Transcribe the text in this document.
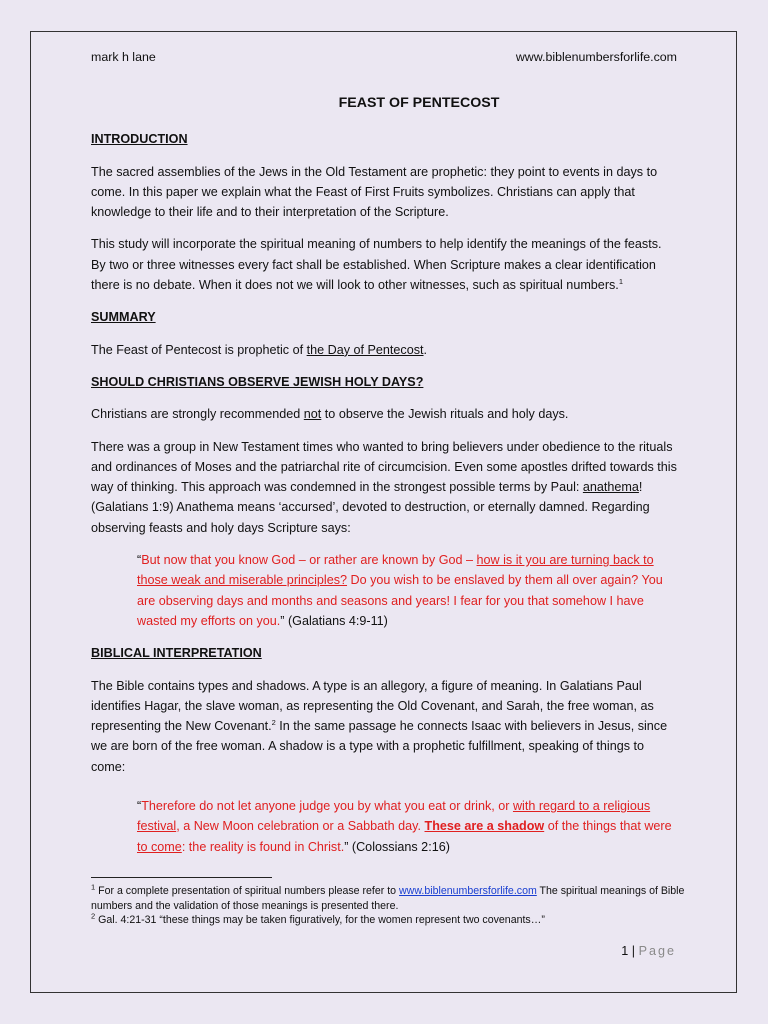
mark h lane	www.biblenumbersforlife.com
FEAST OF PENTECOST
INTRODUCTION

The sacred assemblies of the Jews in the Old Testament are prophetic: they point to events in days to come. In this paper we explain what the Feast of First Fruits symbolizes. Christians can apply that knowledge to their life and to their interpretation of the Scripture.

This study will incorporate the spiritual meaning of numbers to help identify the meanings of the feasts. By two or three witnesses every fact shall be established. When Scripture makes a clear identification there is no debate. When it does not we will look to other witnesses, such as spiritual numbers.$^1$

SUMMARY

The Feast of Pentecost is prophetic of the Day of Pentecost.

SHOULD CHRISTIANS OBSERVE JEWISH HOLY DAYS?

Christians are strongly recommended not to observe the Jewish rituals and holy days.

There was a group in New Testament times who wanted to bring believers under obedience to the rituals and ordinances of Moses and the patriarchal rite of circumcision. Even some apostles drifted towards this way of thinking. This approach was condemned in the strongest possible terms by Paul: anathema! (Galatians 1:9) Anathema means ‘accursed’, devoted to destruction, or eternally damned. Regarding observing feasts and holy days Scripture says:

“But now that you know God – or rather are known by God – how is it you are turning back to those weak and miserable principles? Do you wish to be enslaved by them all over again? You are observing days and months and seasons and years! I fear for you that somehow I have wasted my efforts on you.” (Galatians 4:9-11)

BIBLICAL INTERPRETATION

The Bible contains types and shadows. A type is an allegory, a figure of meaning. In Galatians Paul identifies Hagar, the slave woman, as representing the Old Covenant, and Sarah, the free woman, as representing the New Covenant.$^2$ In the same passage he connects Isaac with believers in Jesus, since we are born of the free woman. A shadow is a type with a prophetic fulfillment, speaking of things to come:

“Therefore do not let anyone judge you by what you eat or drink, or with regard to a religious festival, a New Moon celebration or a Sabbath day. These are a shadow of the things that were to come: the reality is found in Christ.” (Colossians 2:16)

$^1$ For a complete presentation of spiritual numbers please refer to www.biblenumbersforlife.com The spiritual meanings of Bible numbers and the validation of those meanings is presented there.
$^2$ Gal. 4:21-31 “these things may be taken figuratively, for the women represent two covenants…”
1 | Page
